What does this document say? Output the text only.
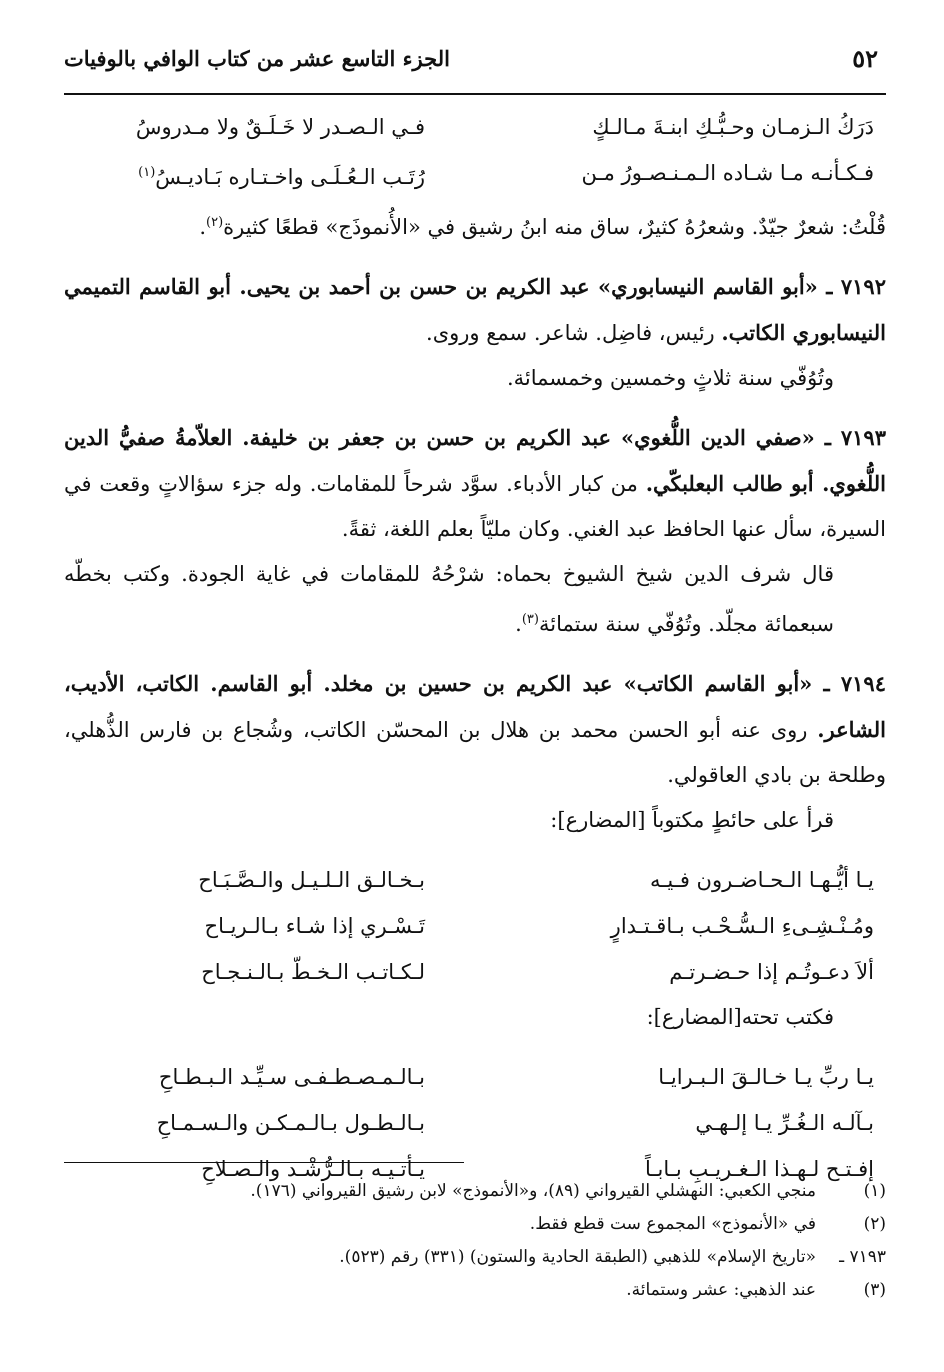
٥٢
الجزء التاسع عشر من كتاب الوافي بالوفيات
دَرَكُ الـزمـان وحـبُّـكِ ابنـةَ مـالـكٍ
فـي الـصـدر لا خَـلَـقٌ ولا مـدروسُ
فـكـأنـه مـا شـاده الـمـنـصـورُ مـن
رُتَـب الـعُـلَـى واخـتـاره بَـاديـسُ$^{(١)}$

قُلْتُ: شعرٌ جيّدٌ. وشعرُهُ كثيرٌ، ساق منه ابنُ رشيق في «الأُنموذَج» قطعًا كثيرة$^{(٢)}$.

٧١٩٢ ـ «أبو القاسم النيسابوري» عبد الكريم بن حسن بن أحمد بن يحيى. أبو القاسم التميمي النيسابوري الكاتب. رئيس، فاضِل. شاعر. سمع وروى.

وتُوُفّي سنة ثلاثٍ وخمسين وخمسمائة.

٧١٩٣ ـ «صفي الدين اللُّغوي» عبد الكريم بن حسن بن جعفر بن خليفة. العلاّمةُ صفيُّ الدين اللُّغوي. أبو طالب البعلبكّي. من كبار الأدباء. سوَّد شرحاً للمقامات. وله جزء سؤالاتٍ وقعت في السيرة، سأل عنها الحافظ عبد الغني. وكان مليّاً بعلم اللغة، ثقةً.

قال شرف الدين شيخ الشيوخ بحماه: شرْحُهُ للمقامات في غاية الجودة. وكتب بخطّه سبعمائة مجلّد. وتُوُفّي سنة ستمائة$^{(٣)}$.

٧١٩٤ ـ «أبو القاسم الكاتب» عبد الكريم بن حسين بن مخلد. أبو القاسم. الكاتب، الأديب، الشاعر. روى عنه أبو الحسن محمد بن هلال بن المحسّن الكاتب، وشُجاع بن فارس الذُّهلي، وطلحة بن بادي العاقولي.

قرأ على حائطٍ مكتوباً [المضارع]:

يـا أيُّـهـا الـحـاضـرون فـيـه
بـخـالـق الـلـيـل والـصَّـبَـاح
ومُـنْـشِـىءِ الـسُّـحْـب بـاقـتـدارٍ
تَـسْـري إذا شـاء بـالـريـاح
ألاَ دعـوتُـم إذا حـضـرتـم
لـكـاتـب الـخـطّ بـالـنـجـاح

فكتب تحته[المضارع]:

يـا ربِّ يـا خـالـقَ الـبـرايـا
بـالـمـصـطـفـى سـيِّـد الـبـطـاحِ
بـآلـه الـغُـرِّ يـا إلـهـي
بـالـطـول بـالـمـكـن والـسـمـاحِ
إفـتـح لـهـذا الـغـريـبِ بـابـاً
يـأتـيـه بـالـرُّشْـد والـصـلاحِ
(١)
منجي الكعبي: النهشلي القيرواني (٨٩)، و«الأنموذج» لابن رشيق القيرواني (١٧٦).
(٢)
في «الأنموذج» المجموع ست قطع فقط.
٧١٩٣ ـ
«تاريخ الإسلام» للذهبي (الطبقة الحادية والستون) (٣٣١) رقم (٥٢٣).
(٣)
عند الذهبي: عشر وستمائة.
